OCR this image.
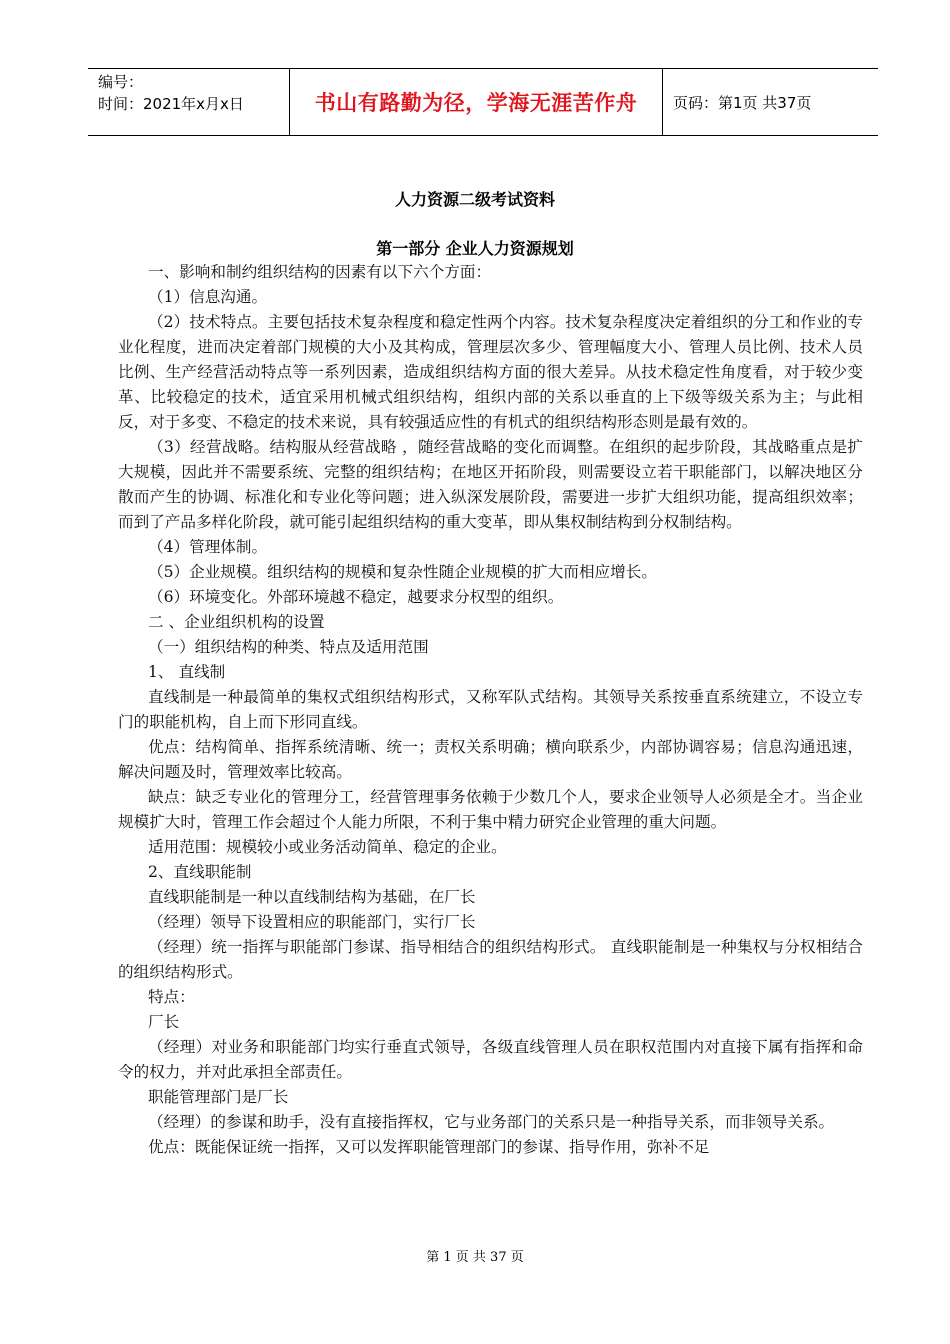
编号：
时间：2021年x月x日	书山有路勤为径，学海无涯苦作舟	页码：第1页 共37页
人力资源二级考试资料
第一部分 企业人力资源规划

一、影响和制约组织结构的因素有以下六个方面：

（1）信息沟通。

（2）技术特点。主要包括技术复杂程度和稳定性两个内容。技术复杂程度决定着组织的分工和作业的专业化程度，进而决定着部门规模的大小及其构成，管理层次多少、管理幅度大小、管理人员比例、技术人员比例、生产经营活动特点等一系列因素，造成组织结构方面的很大差异。从技术稳定性角度看，对于较少变革、比较稳定的技术，适宜采用机械式组织结构，组织内部的关系以垂直的上下级等级关系为主；与此相反，对于多变、不稳定的技术来说，具有较强适应性的有机式的组织结构形态则是最有效的。

（3）经营战略。结构服从经营战略 ，随经营战略的变化而调整。在组织的起步阶段，其战略重点是扩大规模，因此并不需要系统、完整的组织结构；在地区开拓阶段，则需要设立若干职能部门，以解决地区分散而产生的协调、标准化和专业化等问题；进入纵深发展阶段，需要进一步扩大组织功能，提高组织效率；而到了产品多样化阶段，就可能引起组织结构的重大变革，即从集权制结构到分权制结构。

（4）管理体制。

（5）企业规模。组织结构的规模和复杂性随企业规模的扩大而相应增长。

（6）环境变化。外部环境越不稳定，越要求分权型的组织。

二 、企业组织机构的设置

（一）组织结构的种类、特点及适用范围

1、 直线制

直线制是一种最简单的集权式组织结构形式，又称军队式结构。其领导关系按垂直系统建立，不设立专门的职能机构，自上而下形同直线。

优点：结构简单、指挥系统清晰、统一；责权关系明确；横向联系少，内部协调容易；信息沟通迅速，解决问题及时，管理效率比较高。

缺点：缺乏专业化的管理分工，经营管理事务依赖于少数几个人，要求企业领导人必须是全才。当企业规模扩大时，管理工作会超过个人能力所限，不利于集中精力研究企业管理的重大问题。

适用范围：规模较小或业务活动简单、稳定的企业。

2、直线职能制

直线职能制是一种以直线制结构为基础，在厂长

（经理）领导下设置相应的职能部门，实行厂长

（经理）统一指挥与职能部门参谋、指导相结合的组织结构形式。 直线职能制是一种集权与分权相结合的组织结构形式。

特点：

厂长

（经理）对业务和职能部门均实行垂直式领导，各级直线管理人员在职权范围内对直接下属有指挥和命令的权力，并对此承担全部责任。

职能管理部门是厂长

（经理）的参谋和助手，没有直接指挥权，它与业务部门的关系只是一种指导关系，而非领导关系。

优点：既能保证统一指挥，又可以发挥职能管理部门的参谋、指导作用，弥补不足

第 1 页 共 37 页
